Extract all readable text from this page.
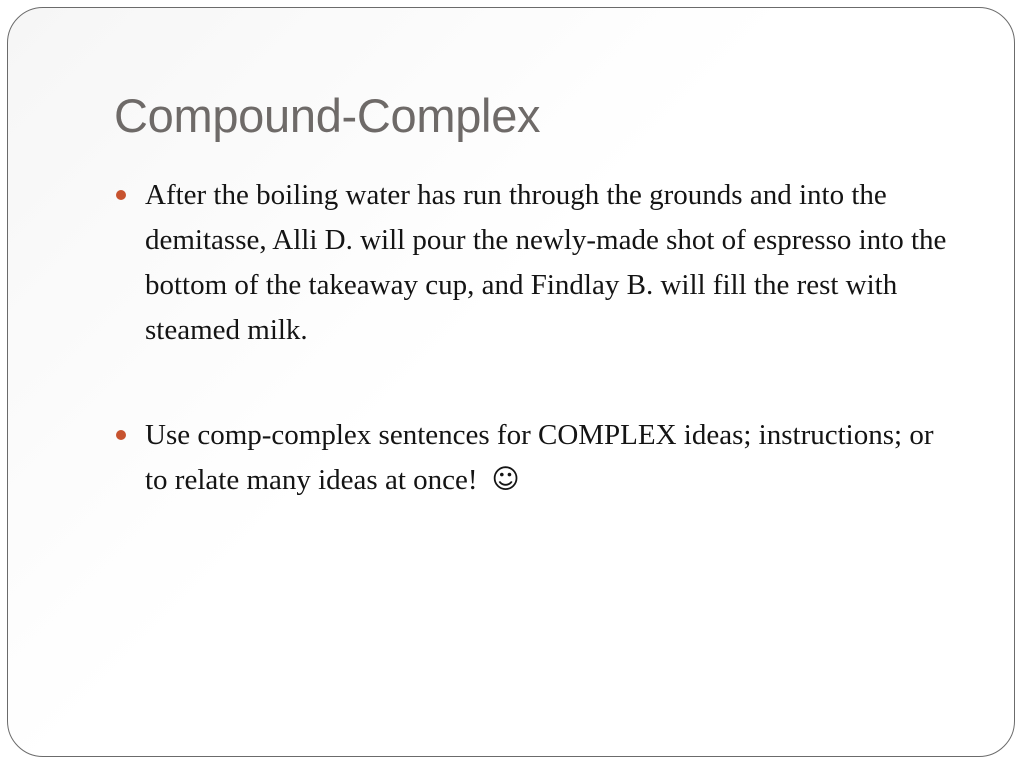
Compound-Complex
After the boiling water has run through the grounds and into the demitasse, Alli D. will pour the newly-made shot of espresso into the bottom of the takeaway cup, and Findlay B. will fill the rest with steamed milk.
Use comp-complex sentences for COMPLEX ideas; instructions; or to relate many ideas at once! ☺
